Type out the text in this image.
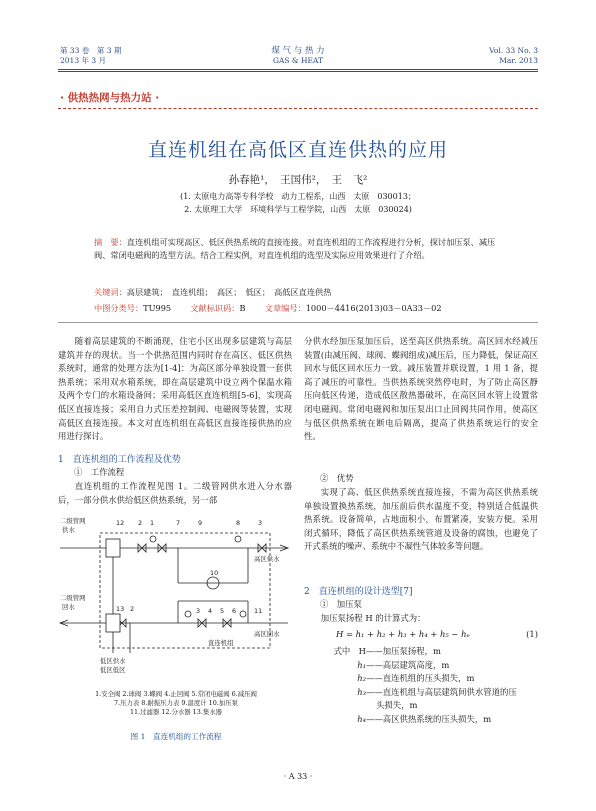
第 33 卷　第 3 期
2013 年 3 月
煤 气 与 热 力
GAS & HEAT
Vol. 33 No. 3
Mar. 2013
· 供热热网与热力站 ·
直连机组在高低区直连供热的应用
孙春艳¹，　王国伟²，　王　飞²
(1. 太原电力高等专科学校　动力工程系，山西　太原　030013；
2. 太原理工大学　环境科学与工程学院，山西　太原　030024)
摘　要：直连机组可实现高区、低区供热系统的直接连接。对直连机组的工作流程进行分析，探讨加压泵、减压阀、常闭电磁阀的选型方法。结合工程实例，对直连机组的选型及实际应用效果进行了介绍。
关键词：高层建筑；　直连机组；　高区；　低区；　高低区直连供热
中图分类号：TU995 文献标识码：B 文章编号：1000－4416(2013)03－0A33－02
随着高层建筑的不断涌现，住宅小区出现多层建筑与高层建筑并存的现状。当一个供热范围内同时存在高区、低区供热系统时，通常的处理方法为[1-4]：为高区部分单独设置一套供热系统；采用双水箱系统，即在高层建筑中设立两个保温水箱及两个专门的水箱设备间；采用高低区直连机组[5-6]，实现高低区直接连接；采用自力式压差控制阀、电磁阀等装置，实现高低区直接连接。本文对直连机组在高低区直接连接供热的应用进行探讨。
1　直连机组的工作流程及优势
①　工作流程
直连机组的工作流程见图 1。二级管网供水进入分水器后，一部分供水供给低区供热系统，另一部
二级管网
供水
二级管网
回水
高区供水
高区回水
直连机组
低区供水
低区低区
12 2 1	7	9	8	3
10
3 4 5 6	11
13 2
1.安全阀 2.球阀 3.蝶阀 4.止回阀 5.常闭电磁阀 6.减压阀
7.压力表 8.耐振压力表 9.温度计 10.加压泵
11.过滤器 12.分水器 13.集水器
图 1　直连机组的工作流程
分供水经加压泵加压后，送至高区供热系统。高区回水经减压装置(由减压阀、球阀、蝶阀组成)减压后，压力降低，保证高区回水与低区回水压力一致。减压装置并联设置，1 用 1 备，提高了减压的可靠性。当供热系统突然停电时，为了防止高区静压向低区传递，造成低区散热器破坏，在高区回水管上设置常闭电磁阀。常闭电磁阀和加压泵出口止回阀共同作用，使高区与低区供热系统在断电后隔离，提高了供热系统运行的安全性。
②　优势
实现了高、低区供热系统直接连接，不需为高区供热系统单独设置换热系统，加压前后供水温度不变，特别适合低温供热系统。设备简单，占地面积小，布置紧凑，安装方便。采用闭式循环，降低了高区供热系统管道及设备的腐蚀，也避免了开式系统的噪声、系统中不凝性气体较多等问题。
2　直连机组的设计选型[7]
①　加压泵
加压泵扬程 H 的计算式为：
H = h₁ + h₂ + h₃ + h₄ + h₅ − hₑ	(1)
式中　H ——加压泵扬程，m
h₁ ——高层建筑高度，m
h₂ ——直连机组的压头损失，m
h₃ ——直连机组与高层建筑间供水管道的压
头损失，m
h₄ ——高区供热系统的压头损失，m
· A 33 ·
